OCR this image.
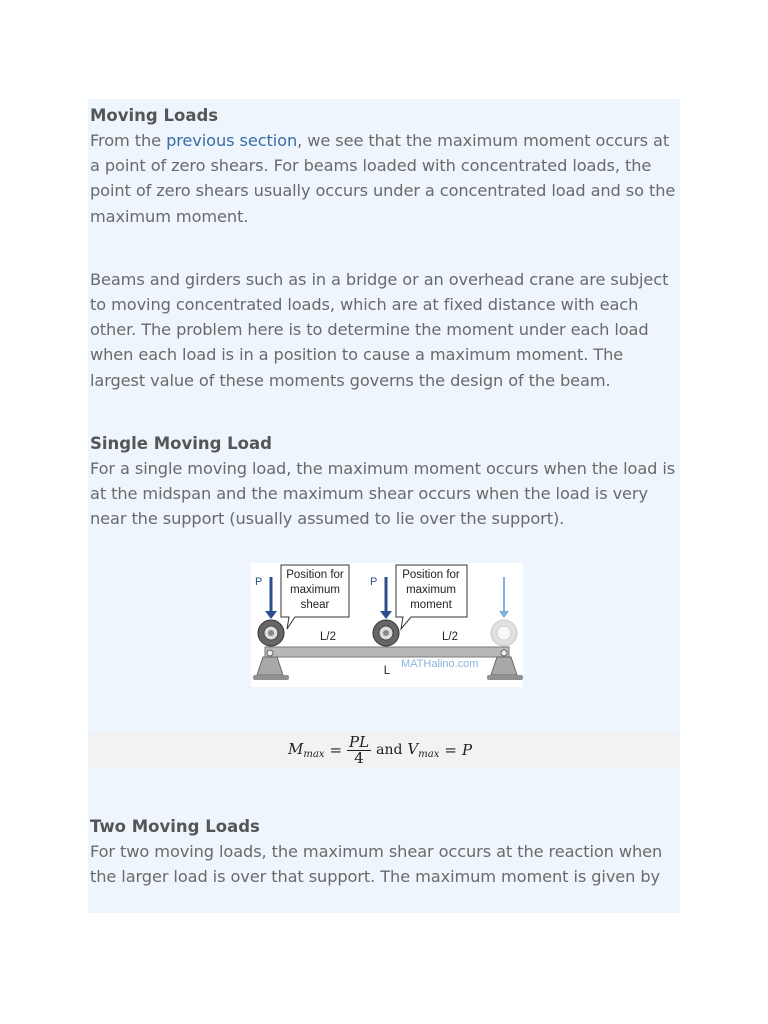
Moving Loads

From the previous section, we see that the maximum moment occurs at a point of zero shears. For beams loaded with concentrated loads, the point of zero shears usually occurs under a concentrated load and so the maximum moment.

Beams and girders such as in a bridge or an overhead crane are subject to moving concentrated loads, which are at fixed distance with each other. The problem here is to determine the moment under each load when each load is in a position to cause a maximum moment. The largest value of these moments governs the design of the beam.

Single Moving Load

For a single moving load, the maximum moment occurs when the load is at the midspan and the maximum shear occurs when the load is very near the support (usually assumed to lie over the support).

P	P
Position for
maximum
shear
Position for
maximum
moment
L/2	L/2
L
MATHalino.com
$M_{max} = \frac{PL}{4}$ and $V_{max} = P$
Two Moving Loads

For two moving loads, the maximum shear occurs at the reaction when the larger load is over that support. The maximum moment is given by
